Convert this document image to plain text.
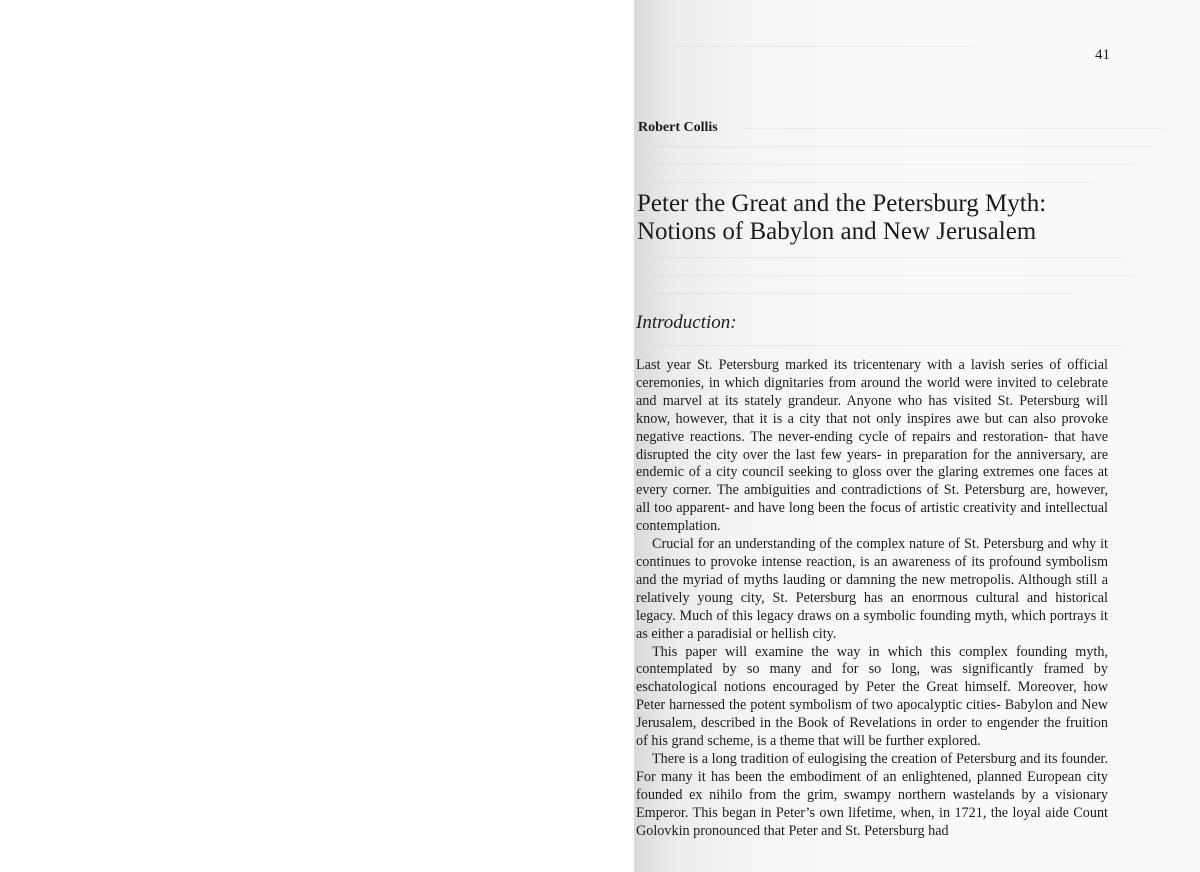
41
Robert Collis
Peter the Great and the Petersburg Myth:
Notions of Babylon and New Jerusalem
Introduction:

Last year St. Petersburg marked its tricentenary with a lavish series of official ceremonies, in which dignitaries from around the world were invited to celebrate and marvel at its stately grandeur. Anyone who has visited St. Petersburg will know, however, that it is a city that not only inspires awe but can also provoke negative reactions. The never-ending cycle of repairs and restoration- that have disrupted the city over the last few years- in preparation for the anniversary, are endemic of a city council seeking to gloss over the glaring extremes one faces at every corner. The ambiguities and contradictions of St. Petersburg are, however, all too apparent- and have long been the focus of artistic creativity and intellectual contemplation.

Crucial for an understanding of the complex nature of St. Petersburg and why it continues to provoke intense reaction, is an awareness of its profound symbolism and the myriad of myths lauding or damning the new metropolis. Although still a relatively young city, St. Petersburg has an enormous cultural and historical legacy. Much of this legacy draws on a symbolic founding myth, which portrays it as either a paradisial or hellish city.

This paper will examine the way in which this complex founding myth, contemplated by so many and for so long, was significantly framed by eschatological notions encouraged by Peter the Great himself. Moreover, how Peter harnessed the potent symbolism of two apocalyptic cities- Babylon and New Jerusalem, described in the Book of Revelations in order to engender the fruition of his grand scheme, is a theme that will be further explored.

There is a long tradition of eulogising the creation of Petersburg and its founder. For many it has been the embodiment of an enlightened, planned European city founded ex nihilo from the grim, swampy northern wastelands by a visionary Emperor. This began in Peter’s own lifetime, when, in 1721, the loyal aide Count Golovkin pronounced that Peter and St. Petersburg had
